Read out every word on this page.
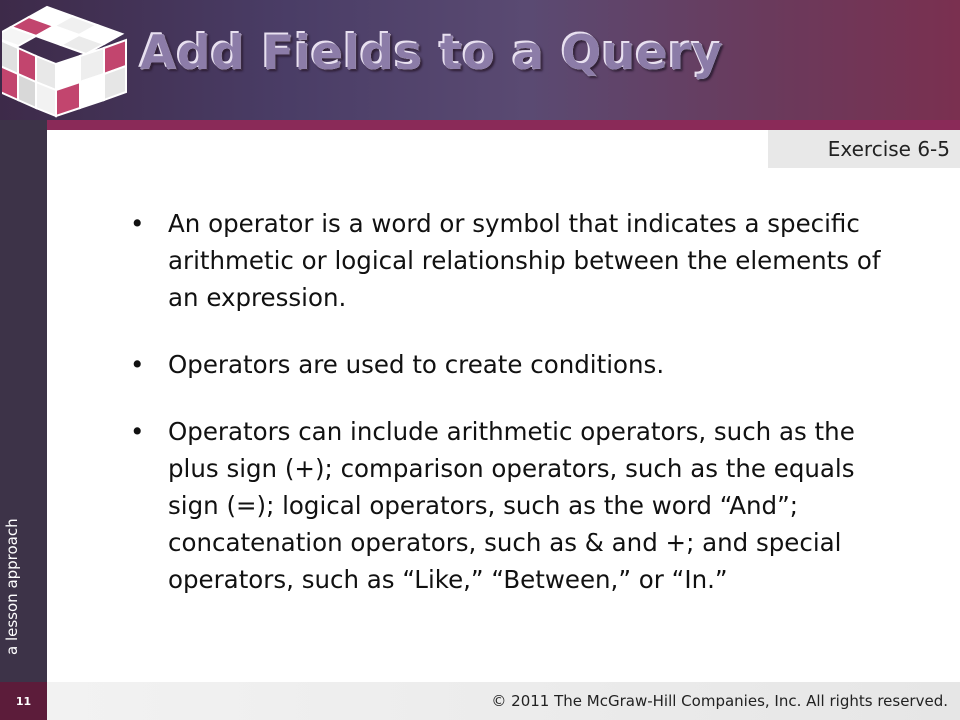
Add Fields to a Query
a lesson approach
Exercise 6-5
• An operator is a word or symbol that indicates a specific arithmetic or logical relationship between the elements of an expression.
• Operators are used to create conditions.
• Operators can include arithmetic operators, such as the plus sign (+); comparison operators, such as the equals sign (=); logical operators, such as the word “And”; concatenation operators, such as & and +; and special operators, such as “Like,” “Between,” or “In.”
11	© 2011 The McGraw-Hill Companies, Inc. All rights reserved.
